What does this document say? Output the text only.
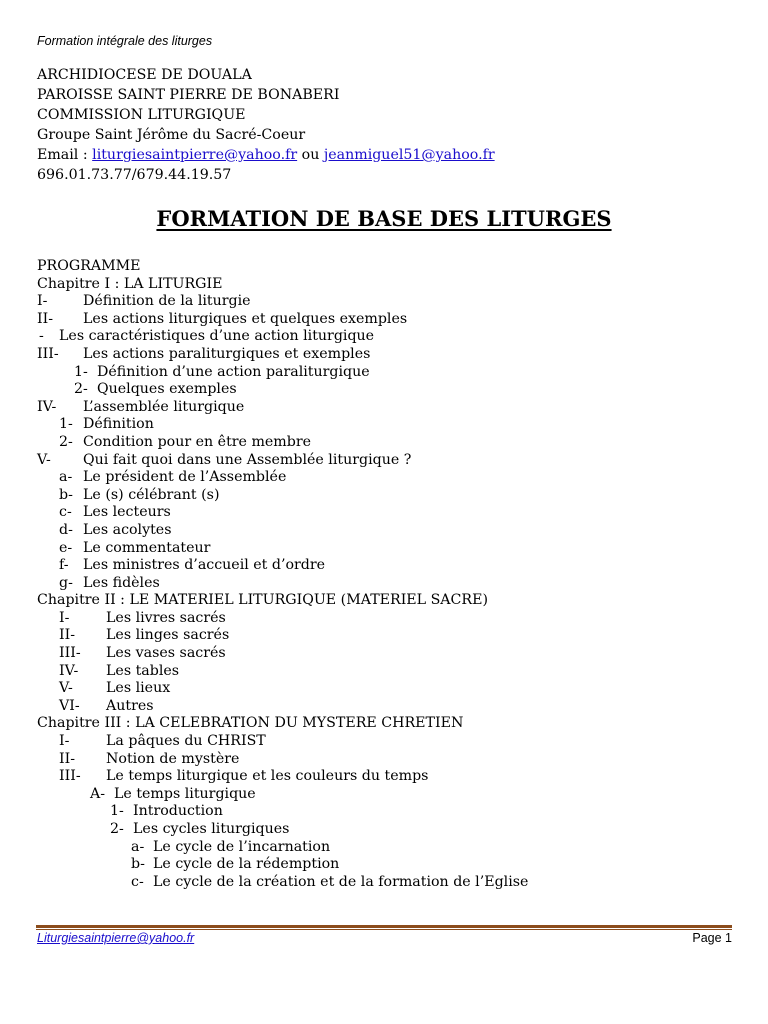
Formation intégrale des liturges
ARCHIDIOCESE DE DOUALA
PAROISSE SAINT PIERRE DE BONABERI
COMMISSION LITURGIQUE
Groupe Saint Jérôme du Sacré-Coeur
Email : liturgiesaintpierre@yahoo.fr ou jeanmiguel51@yahoo.fr
696.01.73.77/679.44.19.57
FORMATION DE BASE DES LITURGES
PROGRAMME
Chapitre I : LA LITURGIE
I-	Définition de la liturgie
II- Les actions liturgiques et quelques exemples
- Les caractéristiques d’une action liturgique
III- Les actions paraliturgiques et exemples
1- Définition d’une action paraliturgique
2- Quelques exemples
IV- L’assemblée liturgique
1- Définition
2- Condition pour en être membre
V- Qui fait quoi dans une Assemblée liturgique ?
a- Le président de l’Assemblée
b- Le (s) célébrant (s)
c- Les lecteurs
d- Les acolytes
e- Le commentateur
f- Les ministres d’accueil et d’ordre
g- Les fidèles
Chapitre II : LE MATERIEL LITURGIQUE (MATERIEL SACRE)
I-	Les livres sacrés
II- Les linges sacrés
III- Les vases sacrés
IV- Les tables
V- Les lieux
VI- Autres
Chapitre III : LA CELEBRATION DU MYSTERE CHRETIEN
I-	La pâques du CHRIST
II- Notion de mystère
III- Le temps liturgique et les couleurs du temps
A- Le temps liturgique
1- Introduction
2- Les cycles liturgiques
a- Le cycle de l’incarnation
b- Le cycle de la rédemption
c- Le cycle de la création et de la formation de l’Eglise
Liturgiesaintpierre@yahoo.fr	Page 1
